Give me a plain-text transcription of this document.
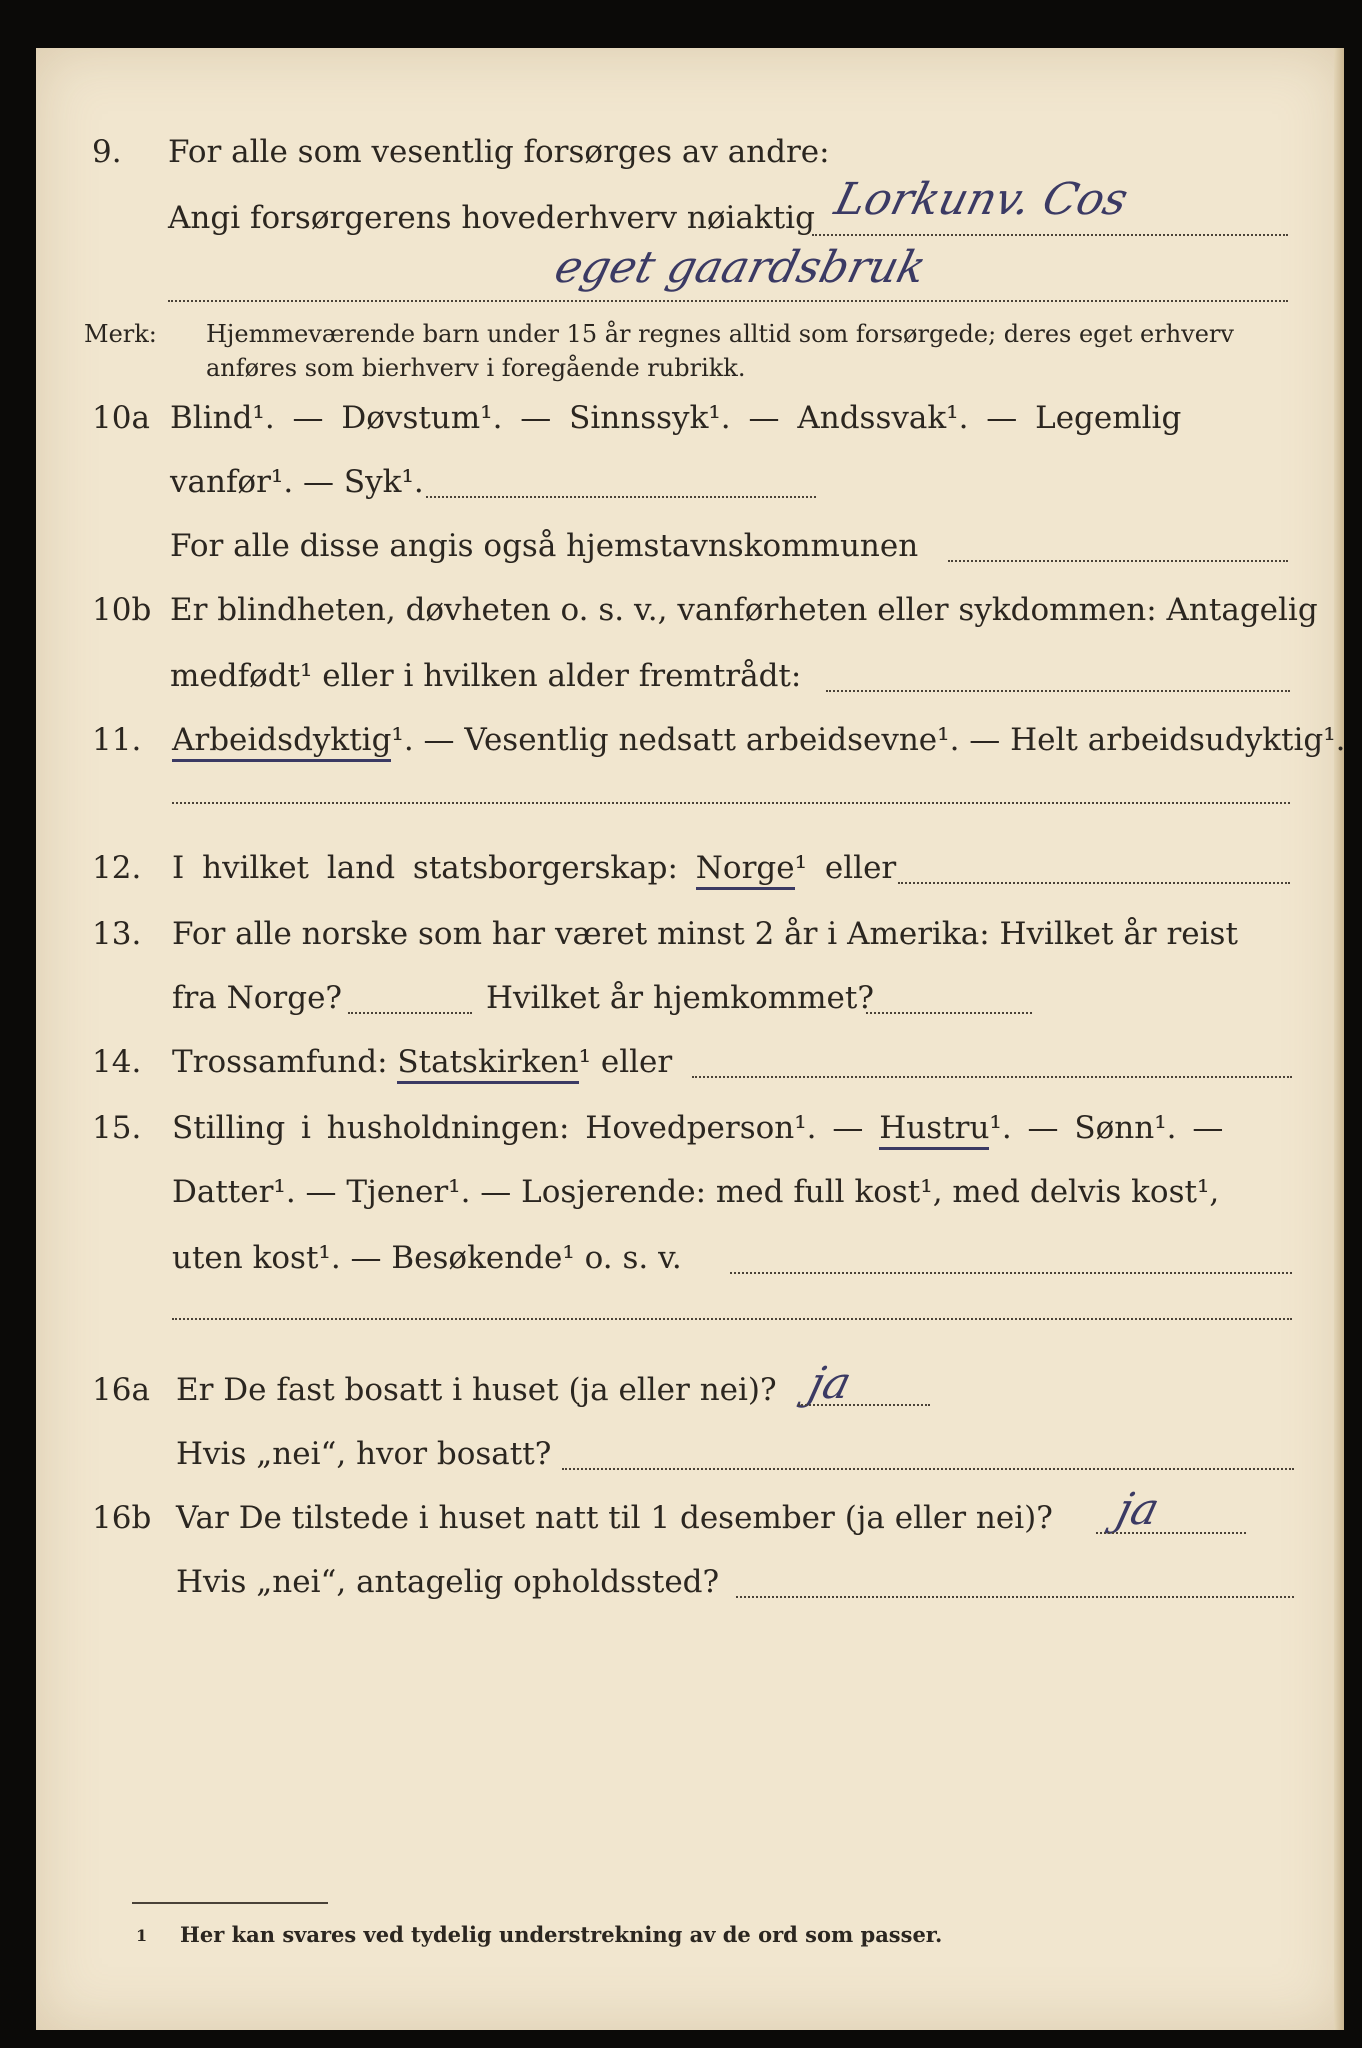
9. For alle som vesentlig forsørges av andre:
Angi forsørgerens hovederhverv nøiaktig Lorkunv. Cos
eget gaardsbruk
Merk: Hjemmeværende barn under 15 år regnes alltid som forsørgede; deres eget erhverv
anføres som bierhverv i foregående rubrikk.
10a Blind¹. — Døvstum¹. — Sinnssyk¹. — Andssvak¹. — Legemlig
vanfør¹. — Syk¹.
For alle disse angis også hjemstavnskommunen
10b Er blindheten, døvheten o. s. v., vanførheten eller sykdommen: Antagelig
medfødt¹ eller i hvilken alder fremtrådt:
11. Arbeidsdyktig¹. — Vesentlig nedsatt arbeidsevne¹. — Helt arbeidsudyktig¹.
12. I hvilket land statsborgerskap: Norge¹ eller
13. For alle norske som har været minst 2 år i Amerika: Hvilket år reist
fra Norge?	Hvilket år hjemkommet?
14. Trossamfund: Statskirken¹ eller
15. Stilling i husholdningen: Hovedperson¹. — Hustru¹. — Sønn¹. —
Datter¹. — Tjener¹. — Losjerende: med full kost¹, med delvis kost¹,
uten kost¹. — Besøkende¹ o. s. v.
16a Er De fast bosatt i huset (ja eller nei)? ja
Hvis „nei“, hvor bosatt?
16b Var De tilstede i huset natt til 1 desember (ja eller nei)? ja
Hvis „nei“, antagelig opholdssted?
1 Her kan svares ved tydelig understrekning av de ord som passer.
